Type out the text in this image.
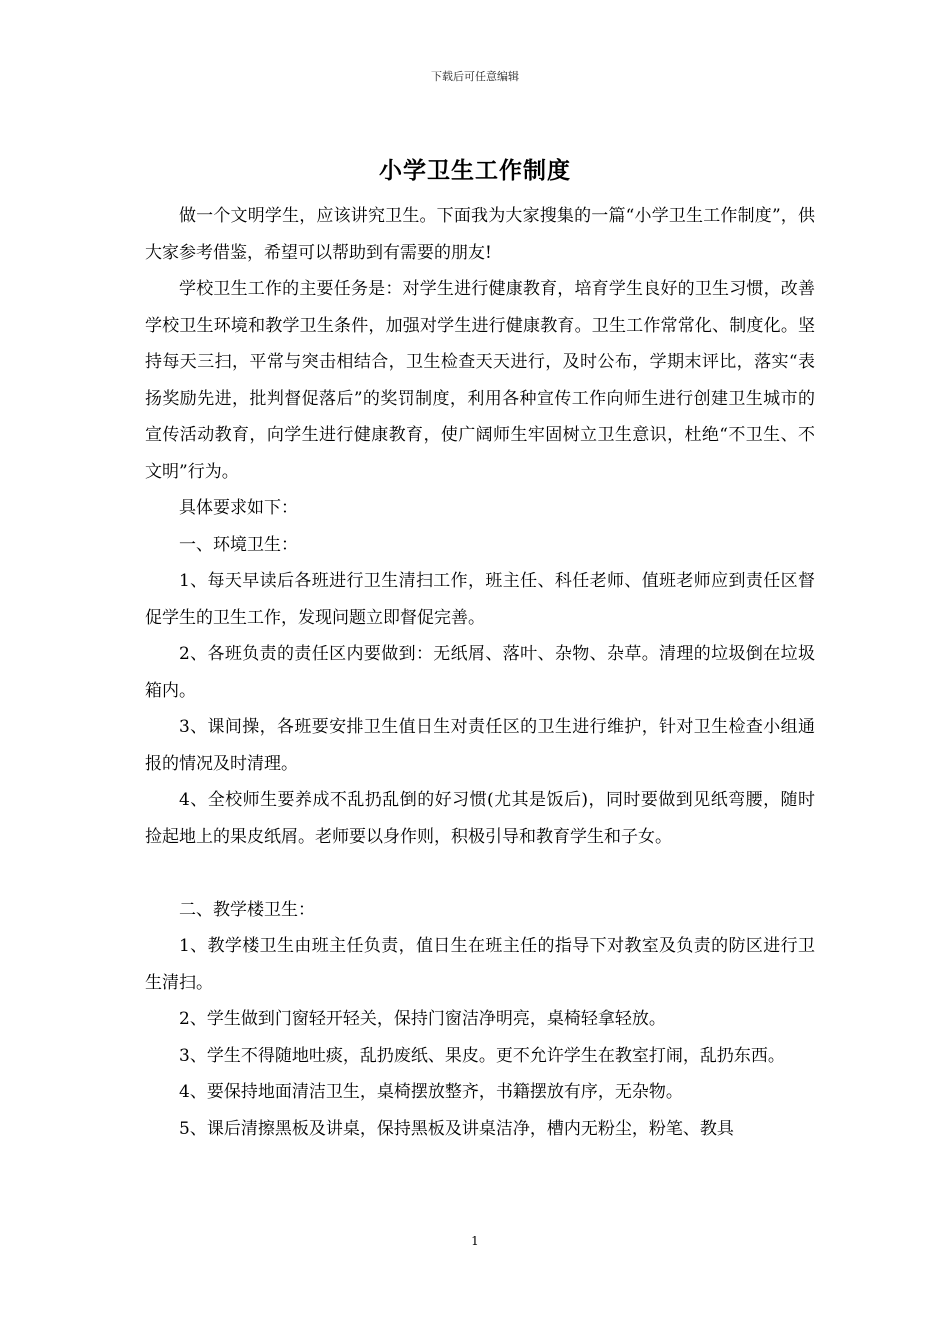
下载后可任意编辑
小学卫生工作制度

做一个文明学生，应该讲究卫生。下面我为大家搜集的一篇“小学卫生工作制度”，供大家参考借鉴，希望可以帮助到有需要的朋友!

学校卫生工作的主要任务是：对学生进行健康教育，培育学生良好的卫生习惯，改善学校卫生环境和教学卫生条件，加强对学生进行健康教育。卫生工作常常化、制度化。坚持每天三扫，平常与突击相结合，卫生检查天天进行，及时公布，学期末评比，落实“表扬奖励先进，批判督促落后”的奖罚制度，利用各种宣传工作向师生进行创建卫生城市的宣传活动教育，向学生进行健康教育，使广阔师生牢固树立卫生意识，杜绝“不卫生、不文明”行为。

具体要求如下：

一、环境卫生：

1、每天早读后各班进行卫生清扫工作，班主任、科任老师、值班老师应到责任区督促学生的卫生工作，发现问题立即督促完善。

2、各班负责的责任区内要做到：无纸屑、落叶、杂物、杂草。清理的垃圾倒在垃圾箱内。

3、课间操，各班要安排卫生值日生对责任区的卫生进行维护，针对卫生检查小组通报的情况及时清理。

4、全校师生要养成不乱扔乱倒的好习惯(尤其是饭后)，同时要做到见纸弯腰，随时捡起地上的果皮纸屑。老师要以身作则，积极引导和教育学生和子女。

二、教学楼卫生：

1、教学楼卫生由班主任负责，值日生在班主任的指导下对教室及负责的防区进行卫生清扫。

2、学生做到门窗轻开轻关，保持门窗洁净明亮，桌椅轻拿轻放。

3、学生不得随地吐痰，乱扔废纸、果皮。更不允许学生在教室打闹，乱扔东西。

4、要保持地面清洁卫生，桌椅摆放整齐，书籍摆放有序，无杂物。

5、课后清擦黑板及讲桌，保持黑板及讲桌洁净，槽内无粉尘，粉笔、教具

1
